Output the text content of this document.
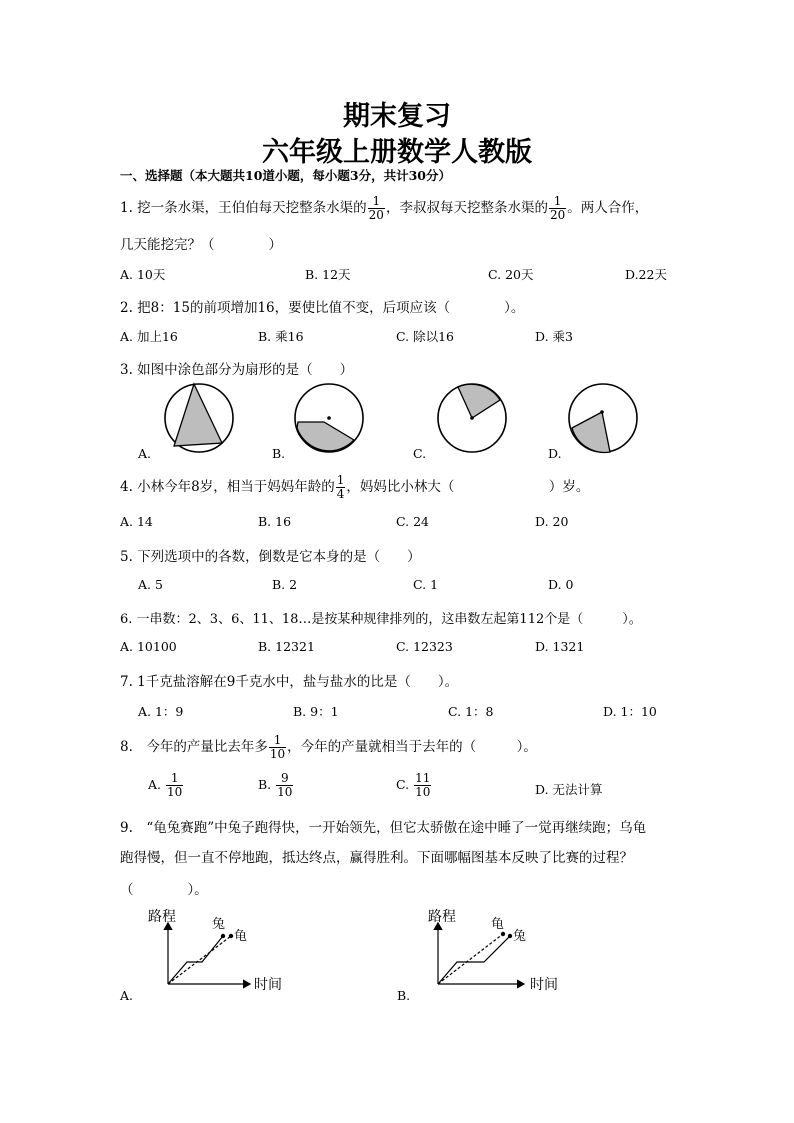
期末复习
六年级上册数学人教版
一、选择题（本大题共10道小题，每小题3分，共计30分）
1. 挖一条水渠，王伯伯每天挖整条水渠的 $\frac{1}{20}$ ，李叔叔每天挖整条水渠的 $\frac{1}{20}$ 。两人合作，
几天能挖完？（　　　　）
A. 10天	B. 12天	C. 20天	D.22天
2. 把8：15的前项增加16，要使比值不变，后项应该（　　　　）。
A. 加上16	B. 乘16	C. 除以16	D. 乘3
3. 如图中涂色部分为扇形的是（　　）
A.	B.	C.	D.
4. 小林今年8岁，相当于妈妈年龄的 $\frac{1}{4}$ ，妈妈比小林大（　　　　　　　）岁。
A. 14	B. 16	C. 24	D. 20
5. 下列选项中的各数，倒数是它本身的是（　　）
A. 5	B. 2	C. 1	D. 0
6. 一串数：2、3、6、11、18…是按某种规律排列的，这串数左起第112个是（　　　）。
A. 10100	B. 12321	C. 12323	D. 1321
7. 1千克盐溶解在9千克水中，盐与盐水的比是（　　）。
A. 1：9	B. 9：1	C. 1：8	D. 1：10
8.　今年的产量比去年多 $\frac{1}{10}$ ，今年的产量就相当于去年的（　　　）。
A. $\frac{1}{10}$	B. $\frac{9}{10}$	C. $\frac{11}{10}$	D. 无法计算
9.　“龟兔赛跑”中兔子跑得快，一开始领先，但它太骄傲在途中睡了一觉再继续跑；乌龟
跑得慢，但一直不停地跑，抵达终点，赢得胜利。下面哪幅图基本反映了比赛的过程？
（　　　　）。
路程
时间
兔
龟
路程
时间
龟
兔
A.	B.
